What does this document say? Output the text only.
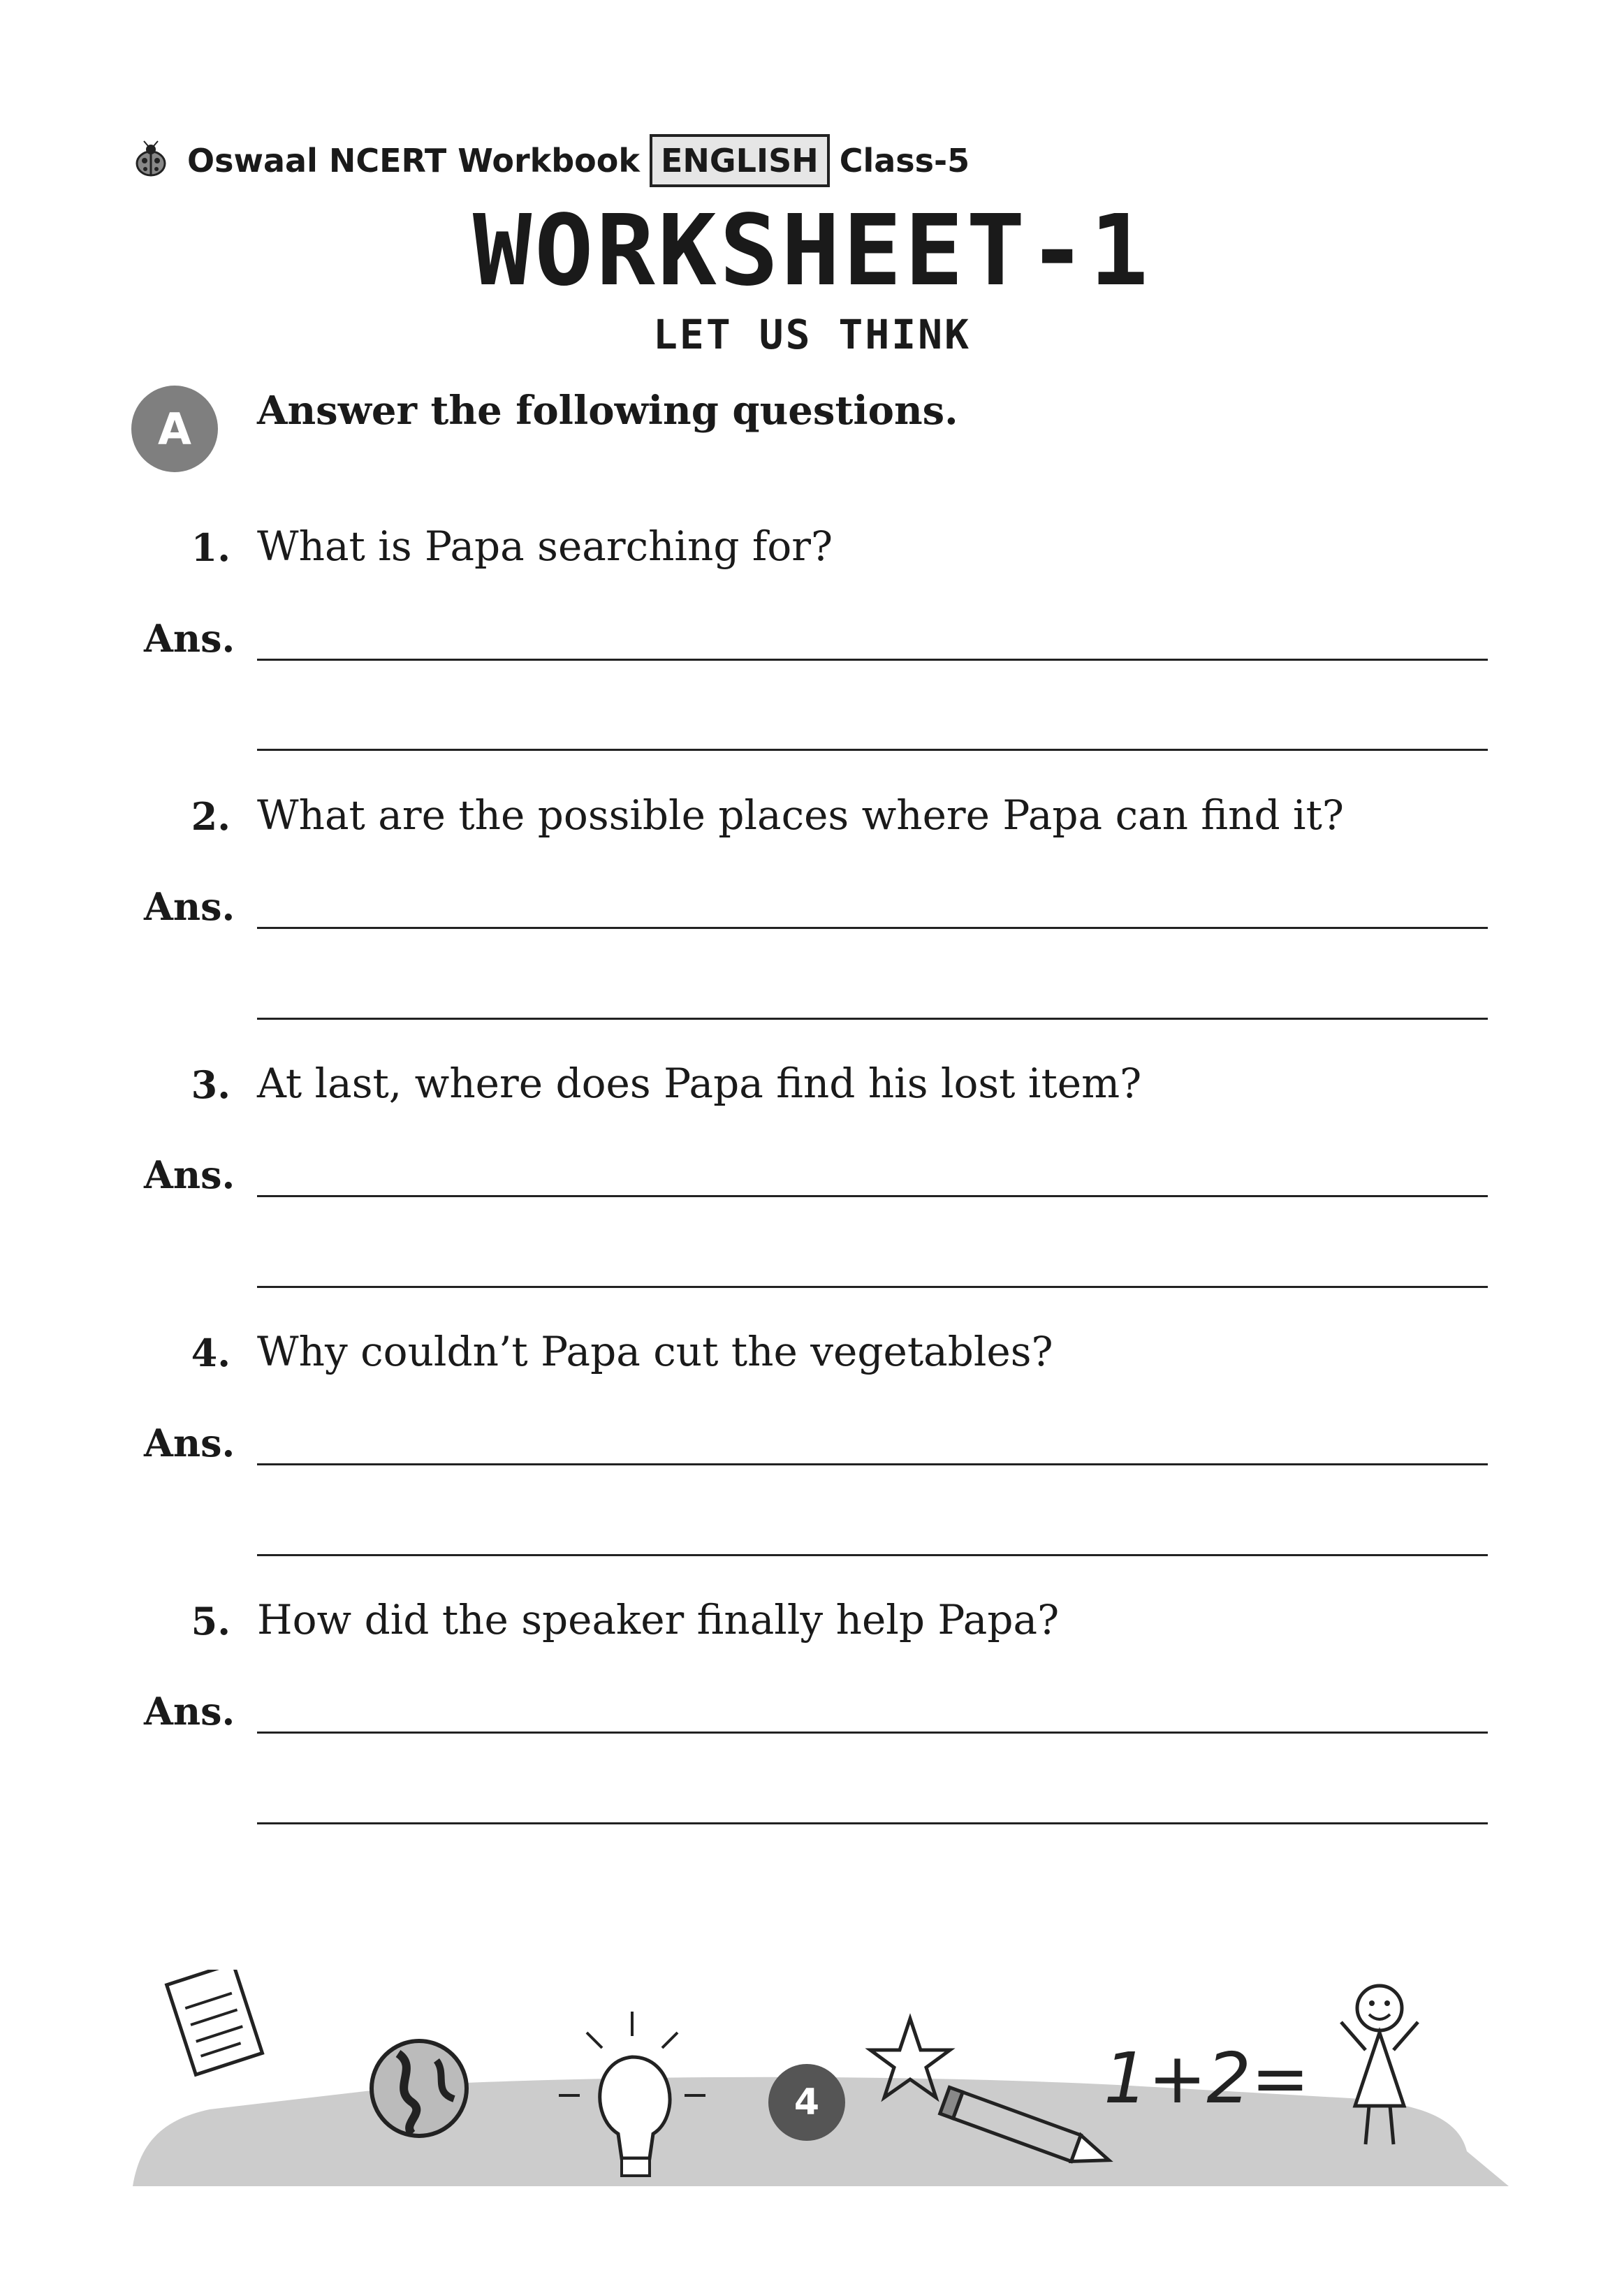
Oswaal NCERT Workbook ENGLISH Class-5
WORKSHEET-1
LET US THINK
A	Answer the following questions.
1. What is Papa searching for?
Ans.
2. What are the possible places where Papa can find it?
Ans.
3. At last, where does Papa find his lost item?
Ans.
4. Why couldn’t Papa cut the vegetables?
Ans.
5. How did the speaker finally help Papa?
Ans.
1+2=
4
